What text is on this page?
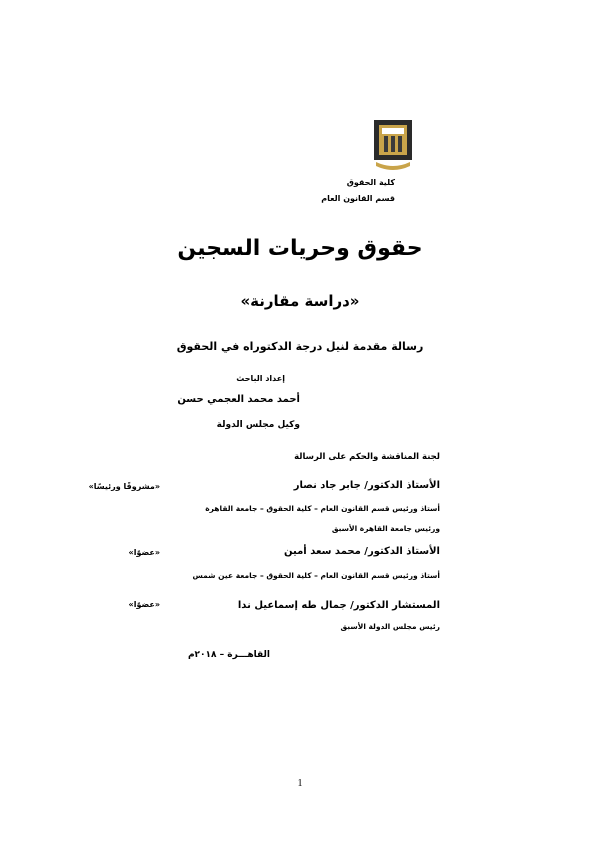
كلية الحقوق
قسم القانون العام
حقوق وحريات السجين
«دراسة مقارنة»
رسالة مقدمة لنيل درجة الدكتوراه في الحقوق
إعداد الباحث
أحمد محمد العجمي حسن
وكيل مجلس الدولة
لجنة المناقشة والحكم على الرسالة
الأستاذ الدكتور/ جابر جاد نصار
«مشروفًا ورئيسًا»
أستاذ ورئيس قسم القانون العام – كلية الحقوق – جامعة القاهرة
ورئيس جامعة القاهرة الأسبق
الأستاذ الدكتور/ محمد سعد أمين
«عضوًا»
أستاذ ورئيس قسم القانون العام – كلية الحقوق – جامعة عين شمس
المستشار الدكتور/ جمال طه إسماعيل ندا
«عضوًا»
رئيس مجلس الدولة الأسبق
القاهـــرة – ٢٠١٨م
1
